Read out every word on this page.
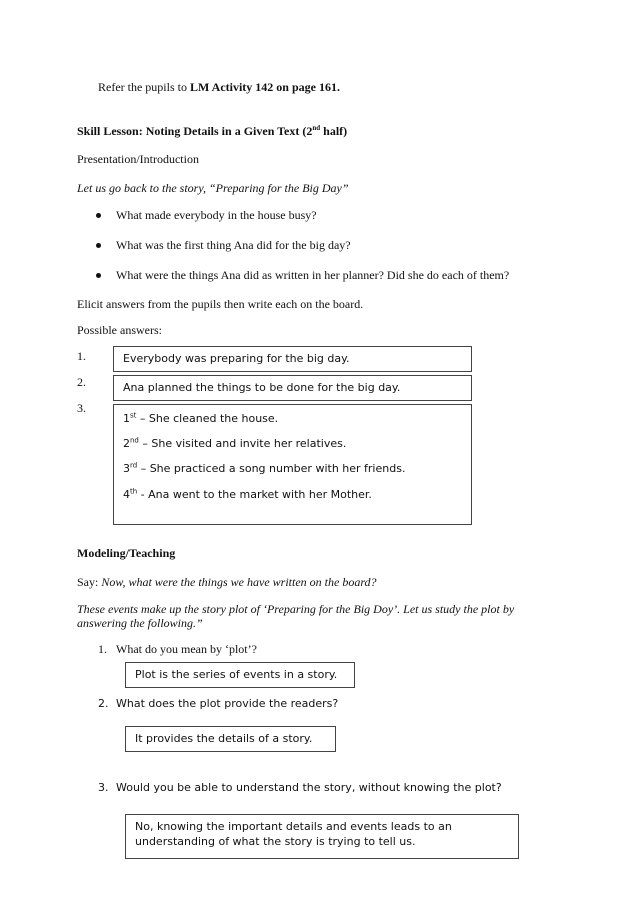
Refer the pupils to LM Activity 142 on page 161.
Skill Lesson: Noting Details in a Given Text (2nd half)
Presentation/Introduction
Let us go back to the story, “Preparing for the Big Day”
What made everybody in the house busy?
What was the first thing Ana did for the big day?
What were the things Ana did as written in her planner? Did she do each of them?
Elicit answers from the pupils then write each on the board.
Possible answers:
1.
2.
3.
Everybody was preparing for the big day.
Ana planned the things to be done for the big day.
1st – She cleaned the house.
2nd – She visited and invite her relatives.
3rd – She practiced a song number with her friends.
4th - Ana went to the market with her Mother.
Modeling/Teaching
Say: Now, what were the things we have written on the board?
These events make up the story plot of ‘Preparing for the Big Doy’. Let us study the plot by
answering the following.”
1. What do you mean by ‘plot’?
Plot is the series of events in a story.
2. What does the plot provide the readers?
It provides the details of a story.
3. Would you be able to understand the story, without knowing the plot?
No, knowing the important details and events leads to an
understanding of what the story is trying to tell us.
